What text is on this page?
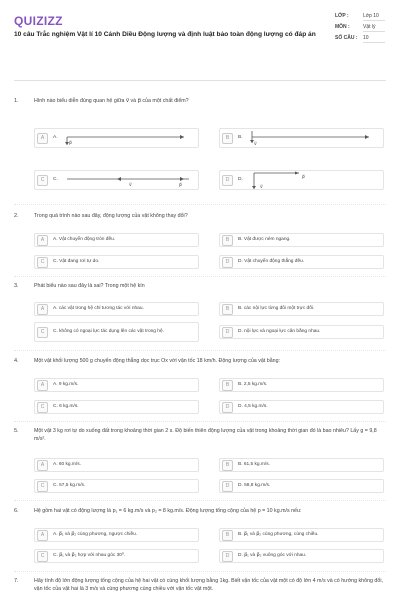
QUIZIZZ
10 câu Trắc nghiệm Vật lí 10 Cánh Diều Động lượng và định luật bảo toàn động lượng có đáp án
LỚP :	Lớp 10
MÔN :	Vật lý
SỐ CÂU :	10
1.	Hình nào biểu diễn đúng quan hệ giữa v⃗ và p⃗ của một chất điểm?
A	A.
p⃗
B	B.
v⃗
C	C.
v⃗	p⃗
D	D.
v⃗
p⃗
2.	Trong quá trình nào sau đây, động lượng của vật không thay đổi?
A	A. Vật chuyển động tròn đều.	B	B. Vật được ném ngang.
C	C. Vật đang rơi tự do.	D	D. Vật chuyển động thẳng đều.
3.	Phát biểu nào sau đây là sai? Trong một hệ kín
A	A. các vật trong hệ chỉ tương tác với nhau.	B	B. các nội lực từng đôi một trực đối.
C	C. không có ngoại lực tác dụng lên các vật trong hệ.	D	D. nội lực và ngoại lực cân bằng nhau.
4.	Một vật khối lượng 500 g chuyển động thẳng dọc trục Ox với vận tốc 18 km/h. Động lượng của vật bằng:
A	A. 9 kg.m/s.	B	B. 2,5 kg.m/s.
C	C. 6 kg.m/s.	D	D. 4,5 kg.m/s.
5.	Một vật 3 kg rơi tự do xuống đất trong khoảng thời gian 2 s. Độ biến thiên động lượng của vật trong khoảng thời gian đó là bao nhiêu? Lấy g = 9,8 m/s².
A	A. 60 kg.m/s.	B	B. 61,5 kg.m/s.
C	C. 57,5 kg.m/s.	D	D. 58,8 kg.m/s.
6.	Hệ gồm hai vật có động lượng là p₁ = 6 kg.m/s và p₂ = 8 kg.m/s. Động lượng tổng cộng của hệ p = 10 kg.m/s nếu:
A	A. p⃗₁ và p⃗₂ cùng phương, ngược chiều.	B	B. p⃗₁ và p⃗₂ cùng phương, cùng chiều.
C	C. p⃗₁ và p⃗₂ hợp với nhau góc 30⁰.	D	D. p⃗₁ và p⃗₂ vuông góc với nhau.
7.	Hãy tính độ lớn động lượng tổng cộng của hệ hai vật có cùng khối lượng bằng 1kg. Biết vận tốc của vật một có độ lớn 4 m/s và có hướng không đổi, vận tốc của vật hai là 3 m/s và cùng phương cùng chiều với vận tốc vật một.
